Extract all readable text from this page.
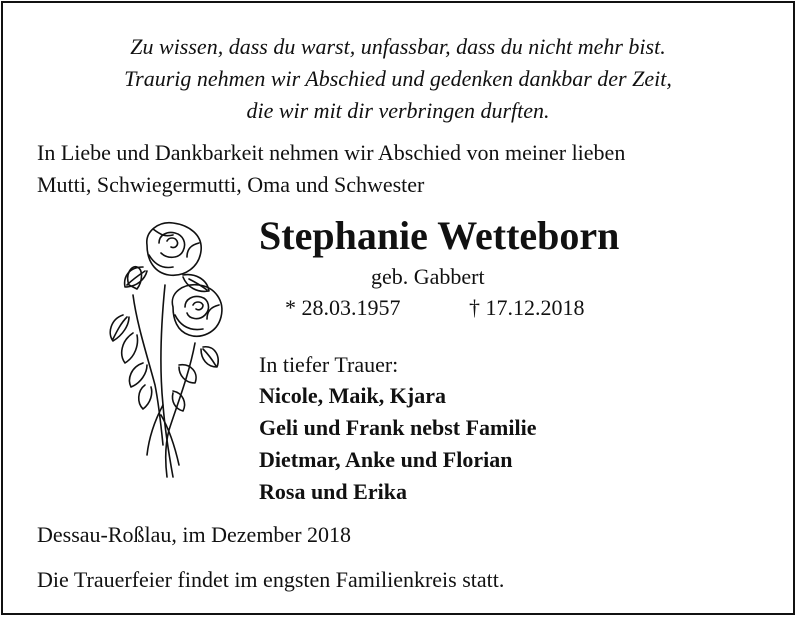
Zu wissen, dass du warst, unfassbar, dass du nicht mehr bist.
Traurig nehmen wir Abschied und gedenken dankbar der Zeit,
die wir mit dir verbringen durften.
In Liebe und Dankbarkeit nehmen wir Abschied von meiner lieben
Mutti, Schwiegermutti, Oma und Schwester
Stephanie Wetteborn
geb. Gabbert
* 28.03.1957	† 17.12.2018
In tiefer Trauer:
Nicole, Maik, Kjara
Geli und Frank nebst Familie
Dietmar, Anke und Florian
Rosa und Erika
Dessau-Roßlau, im Dezember 2018
Die Trauerfeier findet im engsten Familienkreis statt.
